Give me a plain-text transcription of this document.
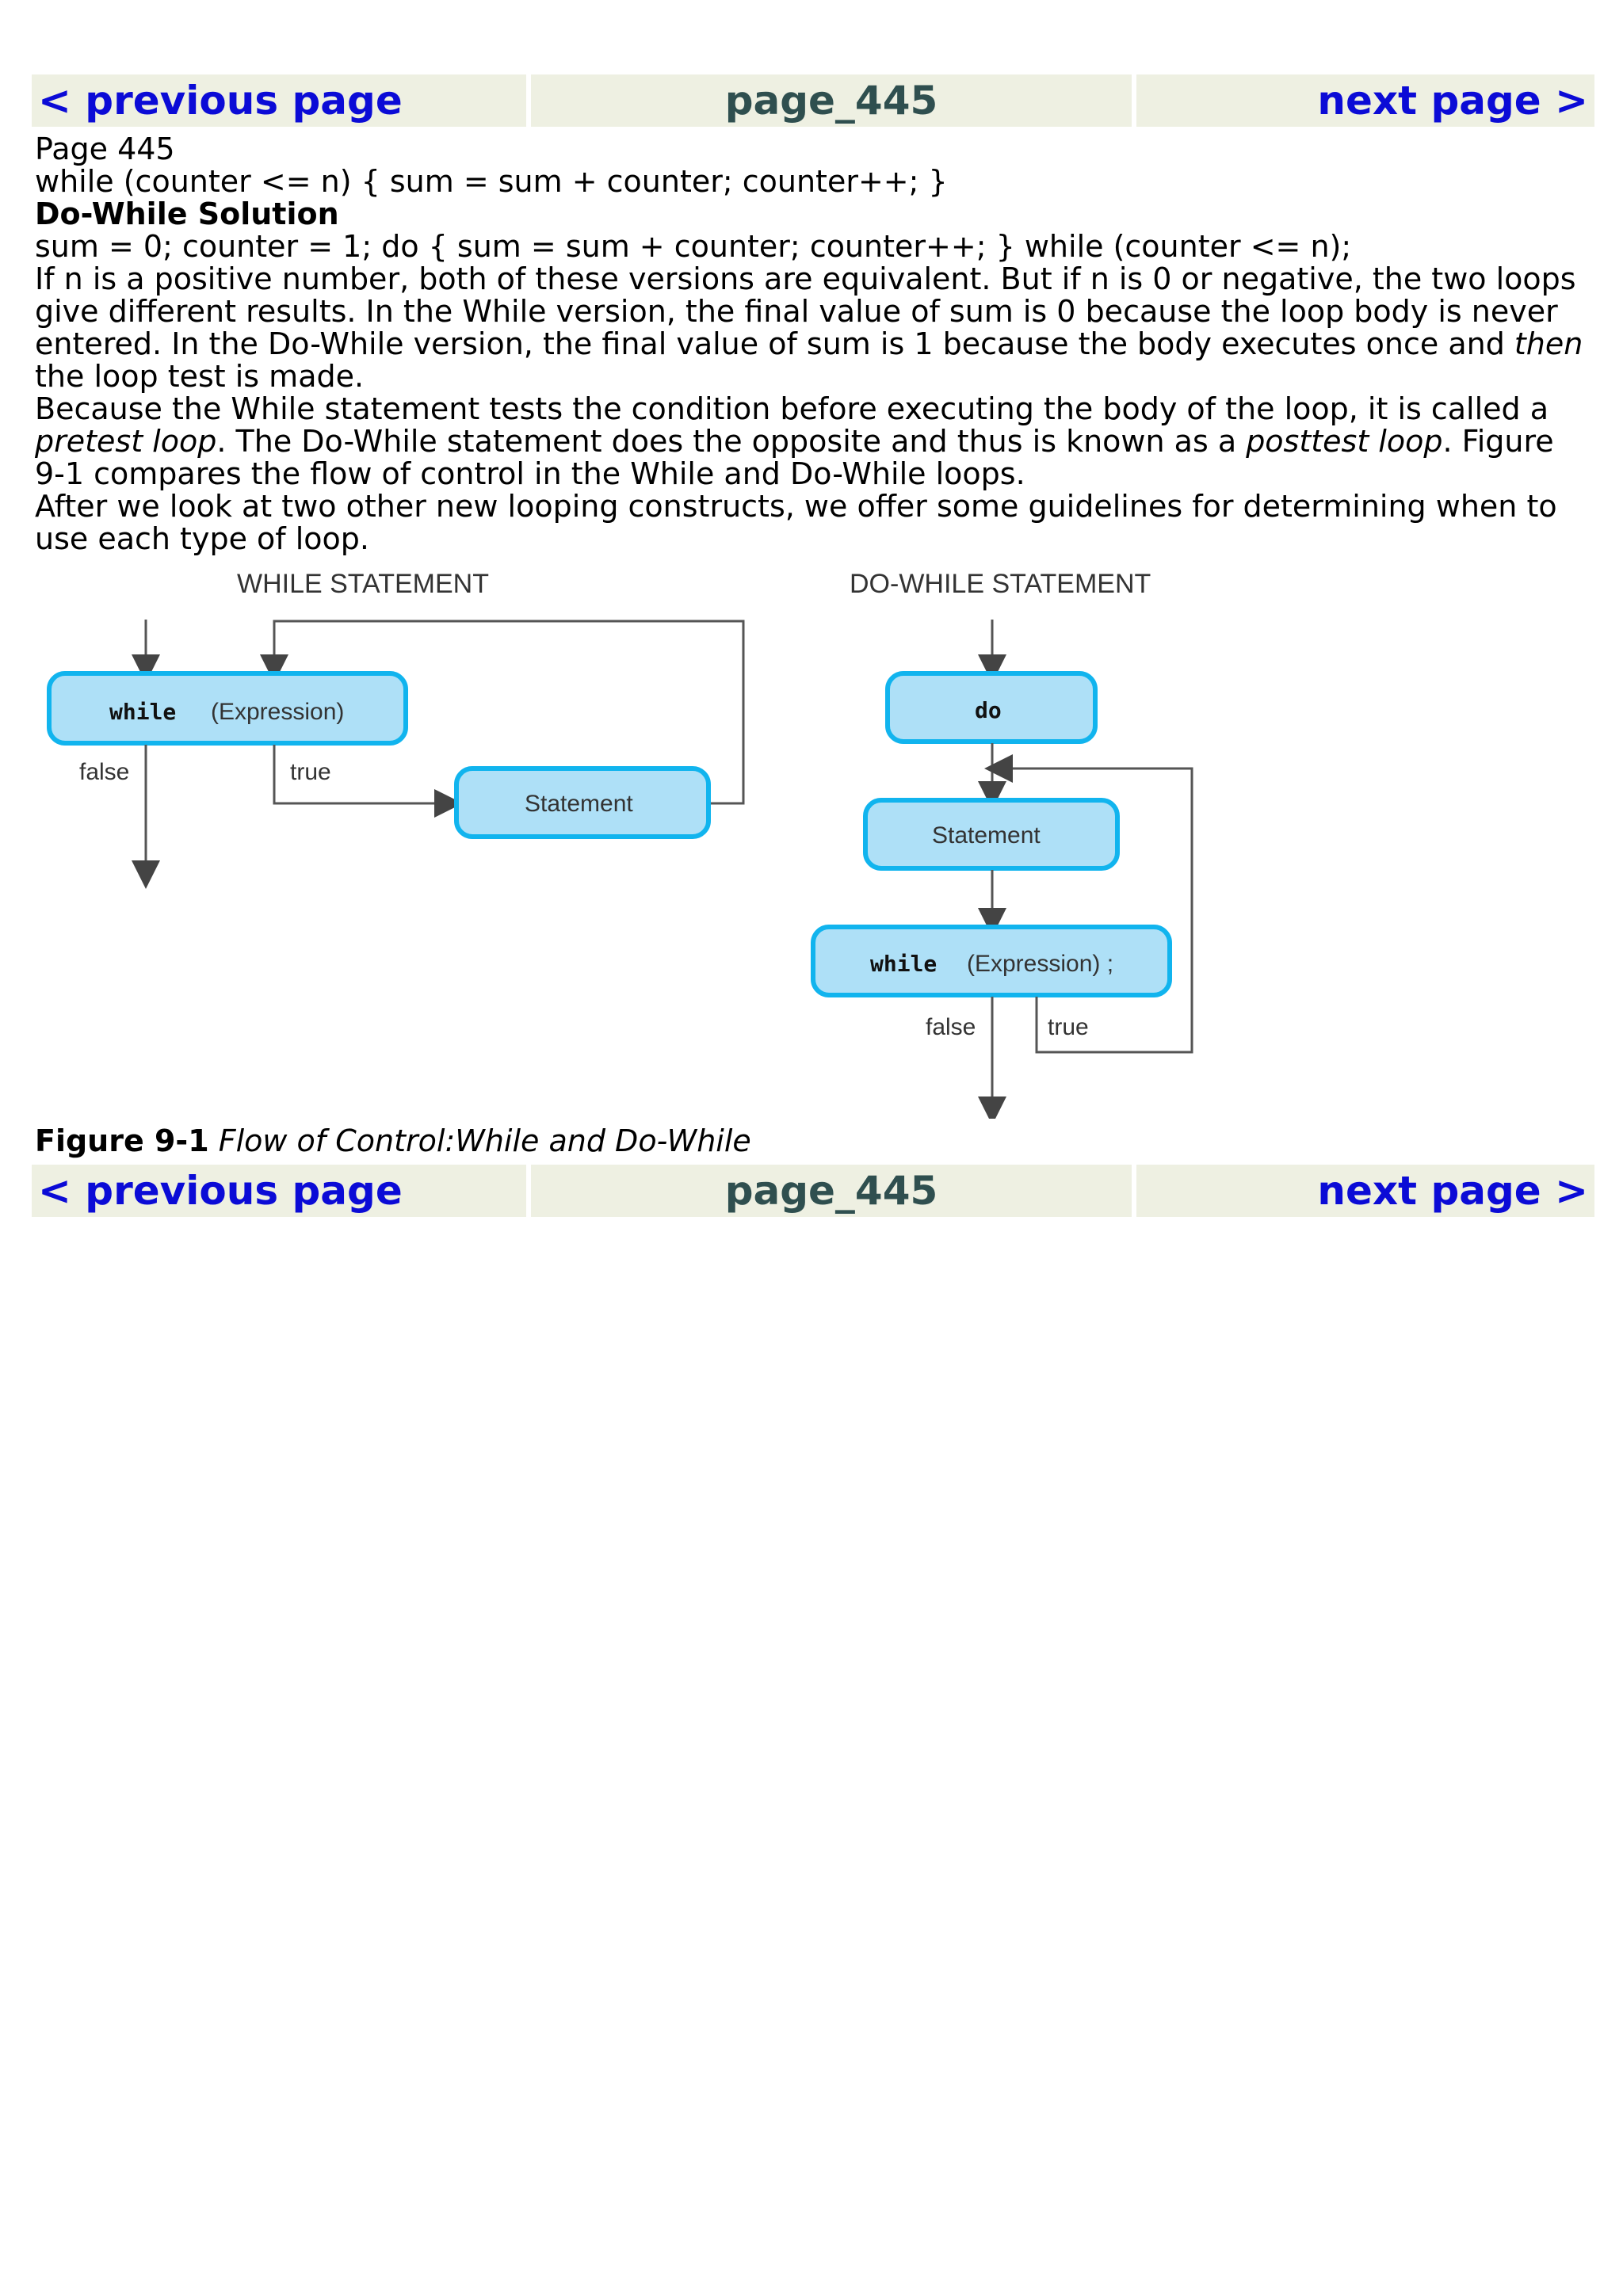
< previous page	page_445	next page >

Page 445

while (counter <= n) { sum = sum + counter; counter++; }

Do-While Solution

sum = 0; counter = 1; do { sum = sum + counter; counter++; } while (counter <= n);

If n is a positive number, both of these versions are equivalent. But if n is 0 or negative, the two loops give different results. In the While version, the final value of sum is 0 because the loop body is never entered. In the Do-While version, the final value of sum is 1 because the body executes once and then the loop test is made.

Because the While statement tests the condition before executing the body of the loop, it is called a pretest loop. The Do-While statement does the opposite and thus is known as a posttest loop. Figure 9-1 compares the flow of control in the While and Do-While loops.

After we look at two other new looping constructs, we offer some guidelines for determining when to use each type of loop.

WHILE STATEMENT
while (Expression)
false	true
Statement
DO-WHILE STATEMENT
do
Statement
while (Expression) ;
false	true
Figure 9-1 Flow of Control:While and Do-While
< previous page	page_445	next page >
